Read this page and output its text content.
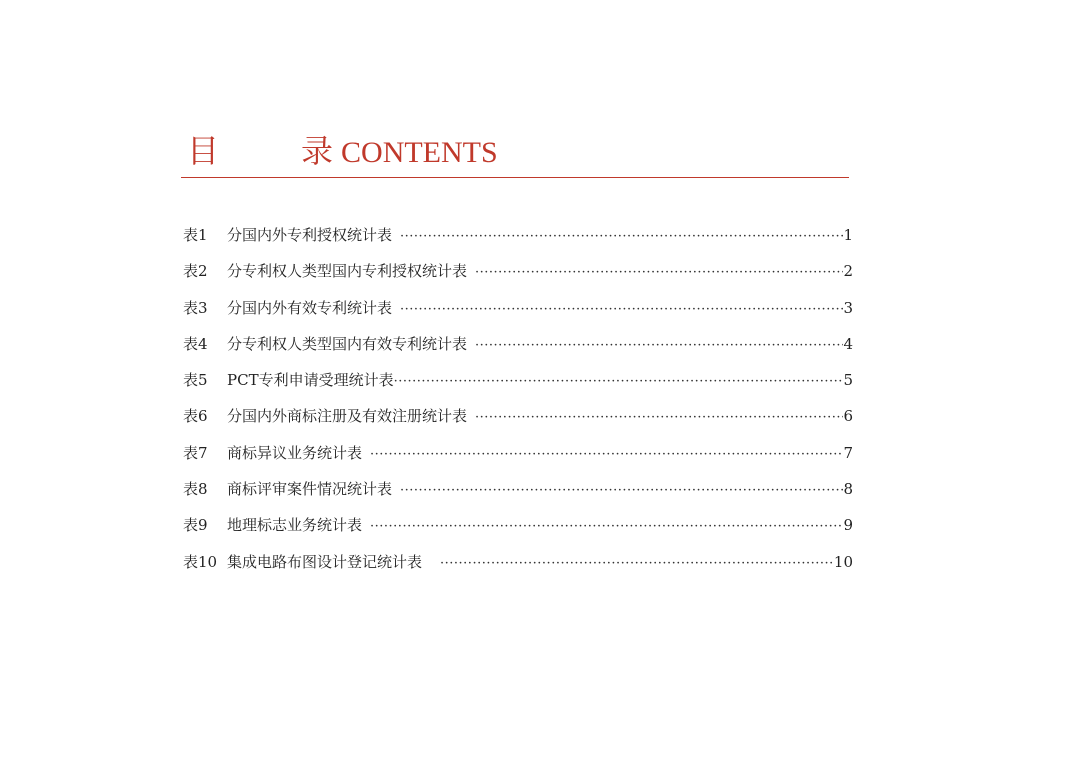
目	录 CONTENTS
表1	分国内外专利授权统计表 ·····	1
表2	分专利权人类型国内专利授权统计表 ·····	2
表3	分国内外有效专利统计表 ·····	3
表4	分专利权人类型国内有效专利统计表 ·····	4
表5	PCT专利申请受理统计表 ·····	5
表6	分国内外商标注册及有效注册统计表 ·····	6
表7	商标异议业务统计表 ·····	7
表8	商标评审案件情况统计表 ·····	8
表9	地理标志业务统计表 ·····	9
表10 集成电路布图设计登记统计表 ·····	10
